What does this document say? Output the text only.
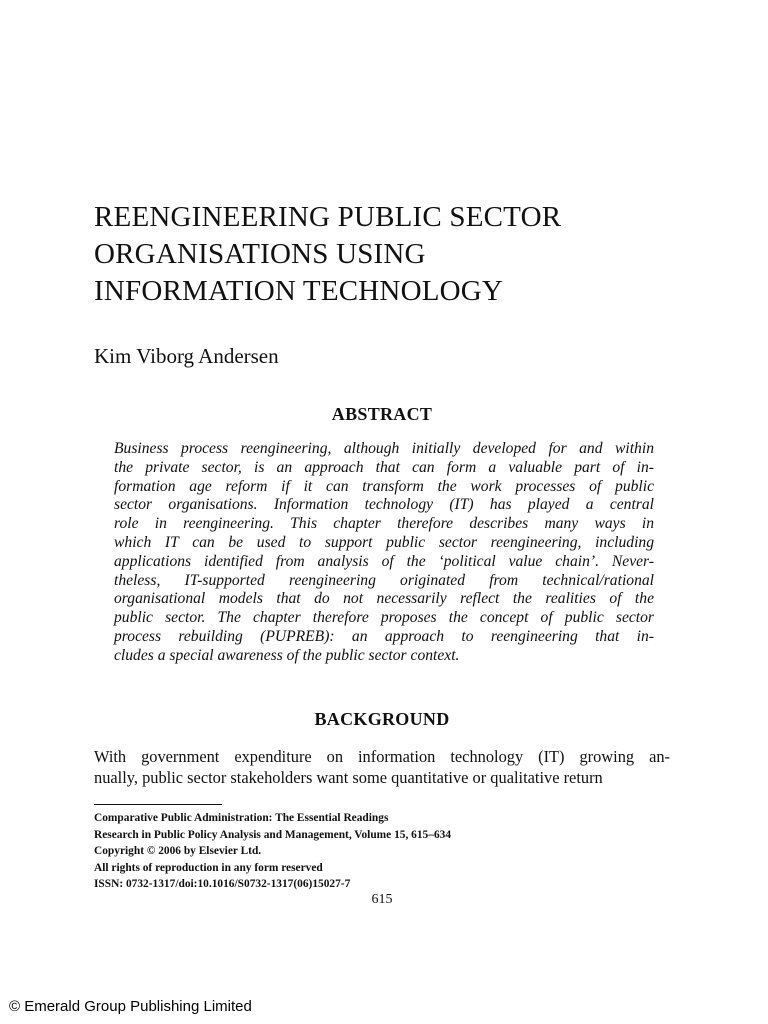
REENGINEERING PUBLIC SECTOR
ORGANISATIONS USING
INFORMATION TECHNOLOGY
Kim Viborg Andersen
ABSTRACT
Business process reengineering, although initially developed for and within
the private sector, is an approach that can form a valuable part of in-
formation age reform if it can transform the work processes of public
sector organisations. Information technology (IT) has played a central
role in reengineering. This chapter therefore describes many ways in
which IT can be used to support public sector reengineering, including
applications identified from analysis of the ‘political value chain’. Never-
theless, IT-supported reengineering originated from technical/rational
organisational models that do not necessarily reflect the realities of the
public sector. The chapter therefore proposes the concept of public sector
process rebuilding (PUPREB): an approach to reengineering that in-
cludes a special awareness of the public sector context.
BACKGROUND
With government expenditure on information technology (IT) growing an-
nually, public sector stakeholders want some quantitative or qualitative return
Comparative Public Administration: The Essential Readings
Research in Public Policy Analysis and Management, Volume 15, 615–634
Copyright © 2006 by Elsevier Ltd.
All rights of reproduction in any form reserved
ISSN: 0732-1317/doi:10.1016/S0732-1317(06)15027-7
615
© Emerald Group Publishing Limited
